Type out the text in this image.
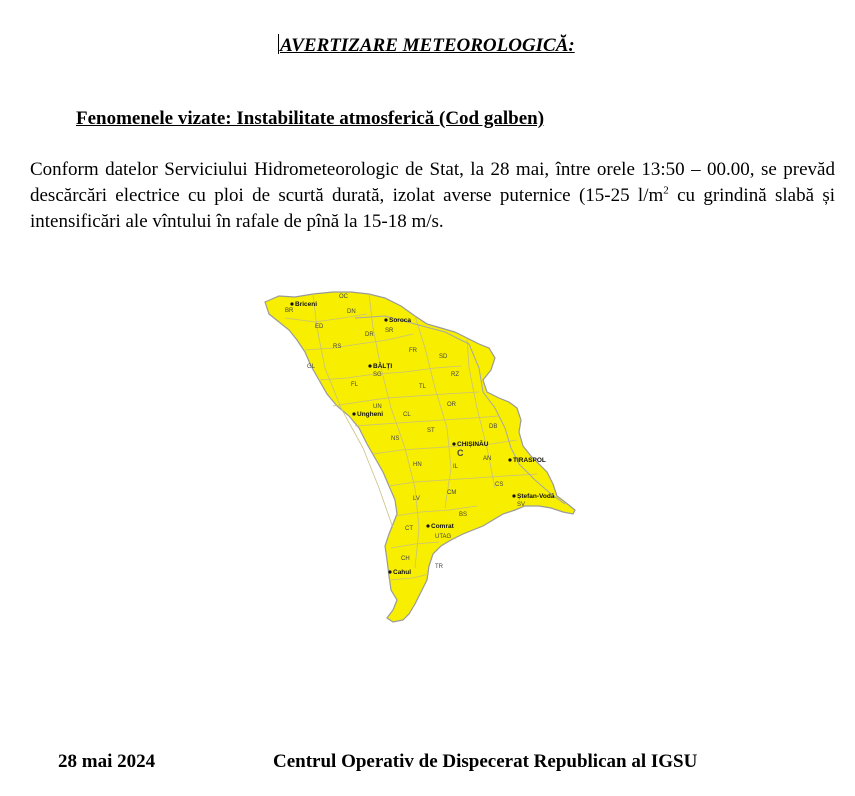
AVERTIZARE METEOROLOGICĂ:
Fenomenele vizate: Instabilitate atmosferică (Cod galben)
Conform datelor Serviciului Hidrometeorologic de Stat, la 28 mai, între orele 13:50 – 00.00, se prevăd descărcări electrice cu ploi de scurtă durată, izolat averse puternice (15-25 $l/m^2$ cu grindină slabă și intensificări ale vîntului în rafale de pînă la 15-18 m/s.
OC
DN
BR
ED
DR
SR
RS
FR
SD
GL
SG	RZ
FL	TL
OR
UN
CL
DB
ST
NS
C
AN
HN	IL
CS
LV
CM
SV
BS
CT
UTAG
CH
TR
Briceni
Soroca
BĂLȚI
Ungheni
CHIȘINĂU
TIRASPOL
Ștefan-Vodă
Comrat
Cahul
28 mai 2024	Centrul Operativ de Dispecerat Republican al IGSU
